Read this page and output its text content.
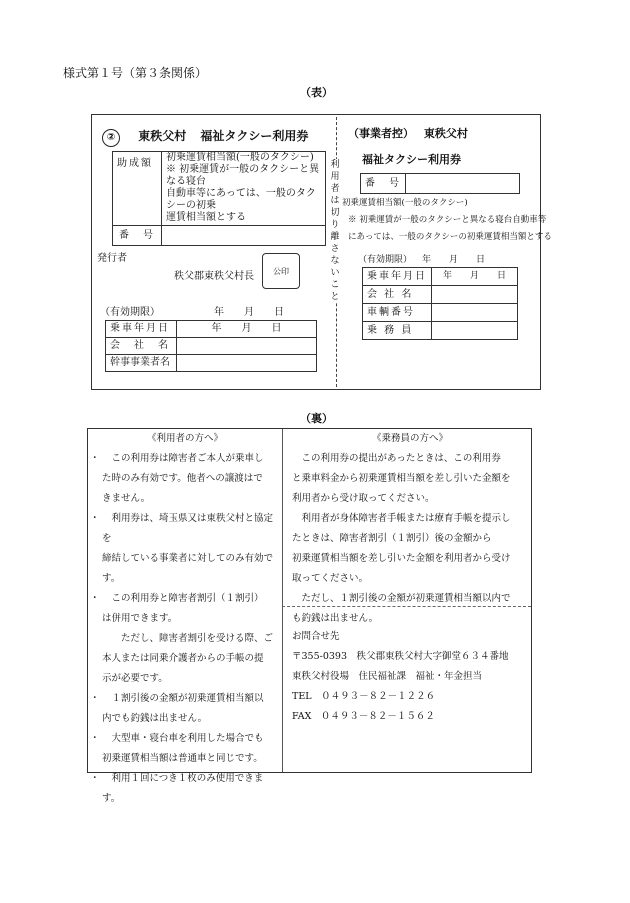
様式第１号（第３条関係）
（表）
② 東秩父村 福祉タクシー利用券
助成額	初乗運賃相当額(一般のタクシー)
※ 初乗運賃が一般のタクシーと異なる寝台
自動車等にあっては、一般のタクシーの初乗
運賃相当額とする

番　号	
発行者
秩父郡東秩父村長	公印
（有効期限）	年　　月　　日
乗車年月日	年　　月　　日
会　社　名	
幹事事業者名	
利用者は切り離さないこと
（事業者控） 東秩父村
福祉タクシー利用券
番　号	
初乗運賃相当額(一般のタクシー)
※ 初乗運賃が一般のタクシーと異なる寝台自動車等
にあっては、一般のタクシーの初乗運賃相当額とする
（有効期限） 年　　月　　日
乗車年月日	年　　月　　日
会 社 名	
車輌番号	
乗 務 員	
（裏）

《利用者の方へ》

・ 　この利用券は障害者ご本人が乗車し

た時のみ有効です。他者への譲渡はで

きません。

・ 　利用券は、埼玉県又は東秩父村と協定を

締結している事業者に対してのみ有効で

す。

・ 　この利用券と障害者割引（１割引）

は併用できます。

　　ただし、障害者割引を受ける際、ご

本人または同乗介護者からの手帳の提

示が必要です。

・ 　１割引後の金額が初乗運賃相当額以

内でも釣銭は出ません。

・ 　大型車・寝台車を利用した場合でも

初乗運賃相当額は普通車と同じです。

・ 　利用１回につき１枚のみ使用できま

す。

《乗務員の方へ》

　この利用券の提出があったときは、この利用券

と乗車料金から初乗運賃相当額を差し引いた金額を

利用者から受け取ってください。

　利用者が身体障害者手帳または療育手帳を提示し

たときは、障害者割引（１割引）後の金額から

初乗運賃相当額を差し引いた金額を利用者から受け

取ってください。

　ただし、１割引後の金額が初乗運賃相当額以内で

も釣銭は出ません。

お問合せ先

〒355-0393　秩父郡東秩父村大字御堂６３４番地

東秩父村役場　住民福祉課　福祉・年金担当

TEL　０４９３－８２－１２２６

FAX　０４９３－８２－１５６２
